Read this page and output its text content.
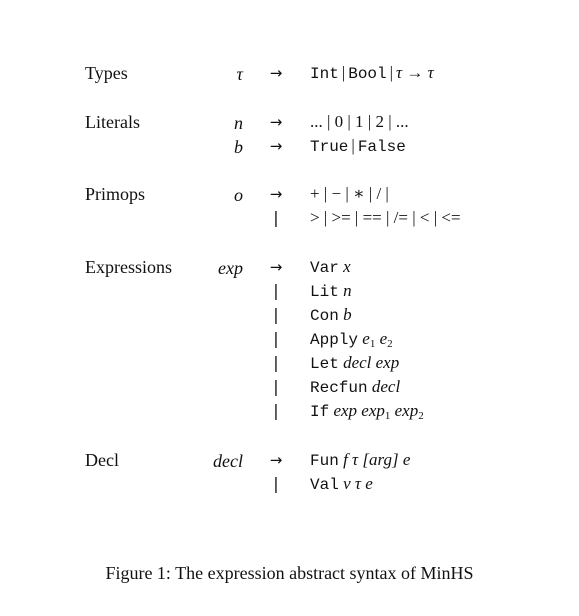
Types	τ → Int | Bool | τ → τ
Literals	n → ... | 0 | 1 | 2 | ...
b → True | False
Primops	o → + | − | ∗ | / |
|	> | >= | == | /= | < | <=
Expressions	exp → Var x
|	Lit n
|	Con b
|	Apply $e_1$ $e_2$
|	Let decl exp
|	Recfun decl
|	If $\exp \exp_1 \exp_2$
Decl	decl → Fun f τ [arg] e
|	Val v τ e
Figure 1: The expression abstract syntax of MinHS
